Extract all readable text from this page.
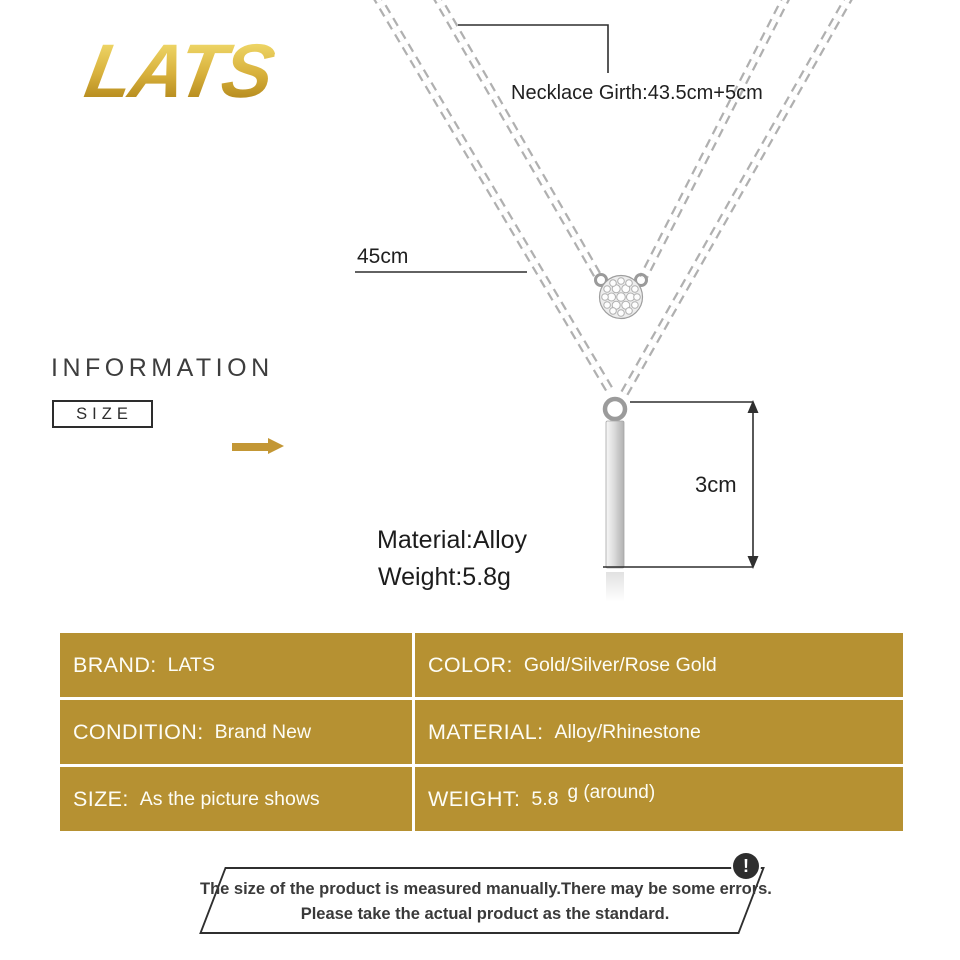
LATS	Necklace Girth:43.5cm+5cm
45cm
3cm
Material:Alloy
Weight:5.8g
INFORMATION
SIZE
BRAND: LATS	COLOR: Gold/Silver/Rose Gold
CONDITION: Brand New	MATERIAL: Alloy/Rhinestone
SIZE: As the picture shows	WEIGHT: 5.8 g (around)
The size of the product is measured manually.There may be some errors.
Please take the actual product as the standard.
!
